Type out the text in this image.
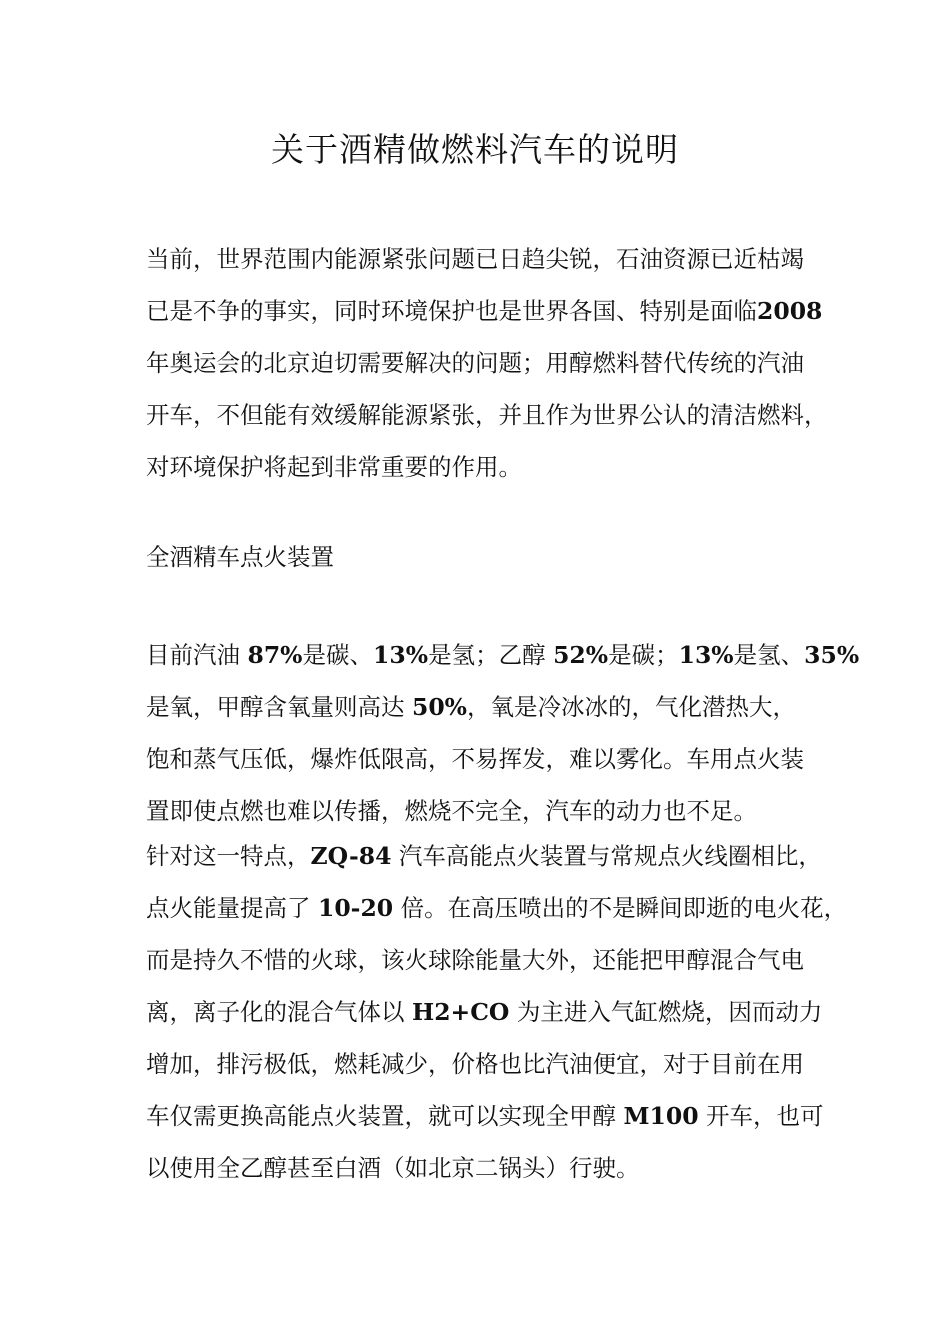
关于酒精做燃料汽车的说明
当前，世界范围内能源紧张问题已日趋尖锐，石油资源已近枯竭
已是不争的事实，同时环境保护也是世界各国、特别是面临2008
年奥运会的北京迫切需要解决的问题；用醇燃料替代传统的汽油
开车，不但能有效缓解能源紧张，并且作为世界公认的清洁燃料，
对环境保护将起到非常重要的作用。
全酒精车点火装置
目前汽油 87%是碳、13%是氢；乙醇 52%是碳；13%是氢、35%
是氧，甲醇含氧量则高达 50%，氧是冷冰冰的，气化潜热大，
饱和蒸气压低，爆炸低限高，不易挥发，难以雾化。车用点火装
置即使点燃也难以传播，燃烧不完全，汽车的动力也不足。
针对这一特点，ZQ-84 汽车高能点火装置与常规点火线圈相比，
点火能量提高了 10-20 倍。在高压喷出的不是瞬间即逝的电火花，
而是持久不惜的火球，该火球除能量大外，还能把甲醇混合气电
离，离子化的混合气体以 H2+CO 为主进入气缸燃烧，因而动力
增加，排污极低，燃耗减少，价格也比汽油便宜，对于目前在用
车仅需更换高能点火装置，就可以实现全甲醇 M100 开车，也可
以使用全乙醇甚至白酒（如北京二锅头）行驶。
